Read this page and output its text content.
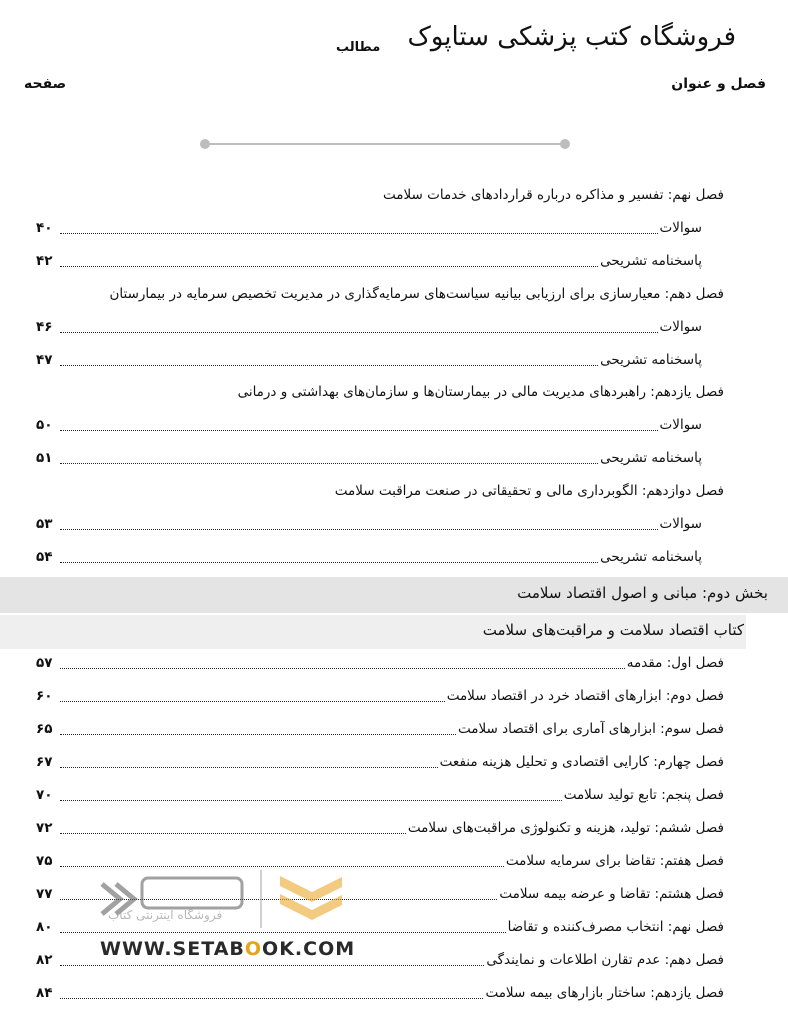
فروشگاه کتب پزشکی ستاپوک
مطالب
فصل و عنوان
صفحه
فصل نهم: تفسیر و مذاکره درباره قراردادهای خدمات سلامت
سوالات
۴۰
پاسخنامه تشریحی
۴۲
فصل دهم: معیارسازی برای ارزیابی بیانیه سیاست‌های سرمایه‌گذاری در مدیریت تخصیص سرمایه در بیمارستان
سوالات
۴۶
پاسخنامه تشریحی
۴۷
فصل یازدهم: راهبردهای مدیریت مالی در بیمارستان‌ها و سازمان‌های بهداشتی و درمانی
سوالات
۵۰
پاسخنامه تشریحی
۵۱
فصل دوازدهم: الگوبرداری مالی و تحقیقاتی در صنعت مراقبت سلامت
سوالات
۵۳
پاسخنامه تشریحی
۵۴
فصل اول: مقدمه
۵۷
فصل دوم: ابزارهای اقتصاد خرد در اقتصاد سلامت
۶۰
فصل سوم: ابزارهای آماری برای اقتصاد سلامت
۶۵
فصل چهارم: کارایی اقتصادی و تحلیل هزینه منفعت
۶۷
فصل پنجم: تابع تولید سلامت
۷۰
فصل ششم: تولید، هزینه و تکنولوژی مراقبت‌های سلامت
۷۲
فصل هفتم: تقاضا برای سرمایه سلامت
۷۵
فصل هشتم: تقاضا و عرضه بیمه سلامت
۷۷
فصل نهم: انتخاب مصرف‌کننده و تقاضا
۸۰
فصل دهم: عدم تقارن اطلاعات و نمایندگی
۸۲
فصل یازدهم: ساختار بازارهای بیمه سلامت
۸۴
بخش دوم: مبانی و اصول اقتصاد سلامت
کتاب اقتصاد سلامت و مراقبت‌های سلامت
فروشگاه اینترنتی کتاب
WWW.SETABOOK.COM
